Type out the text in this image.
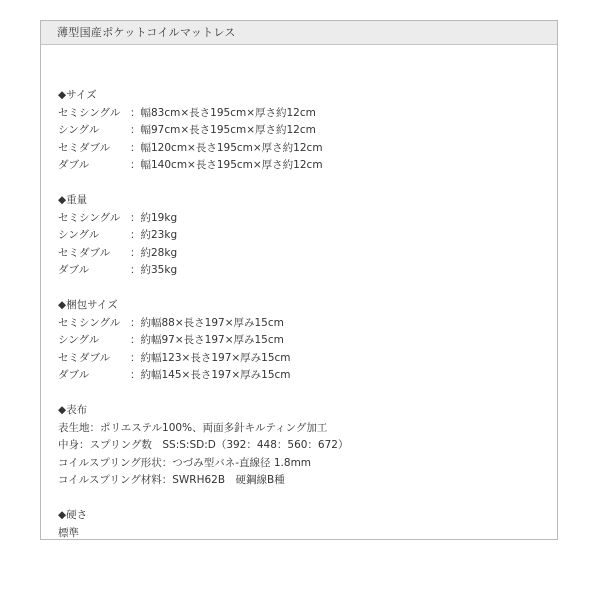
薄型国産ポケットコイルマットレス
◆サイズ
セミシングル ： 幅83cm×長さ195cm×厚さ約12cm
シングル	： 幅97cm×長さ195cm×厚さ約12cm
セミダブル	： 幅120cm×長さ195cm×厚さ約12cm
ダブル	： 幅140cm×長さ195cm×厚さ約12cm
◆重量
セミシングル ： 約19kg
シングル	： 約23kg
セミダブル	： 約28kg
ダブル	： 約35kg
◆梱包サイズ
セミシングル ： 約幅88×長さ197×厚み15cm
シングル	： 約幅97×長さ197×厚み15cm
セミダブル	： 約幅123×長さ197×厚み15cm
ダブル	： 約幅145×長さ197×厚み15cm
◆表布
表生地：ポリエステル100%、両面多針キルティング加工
中身：スプリング数　SS:S:SD:D（392：448：560：672）
コイルスプリング形状：つづみ型バネ-直線径 1.8mm
コイルスプリング材料：SWRH62B　硬鋼線B種
◆硬さ
標準
